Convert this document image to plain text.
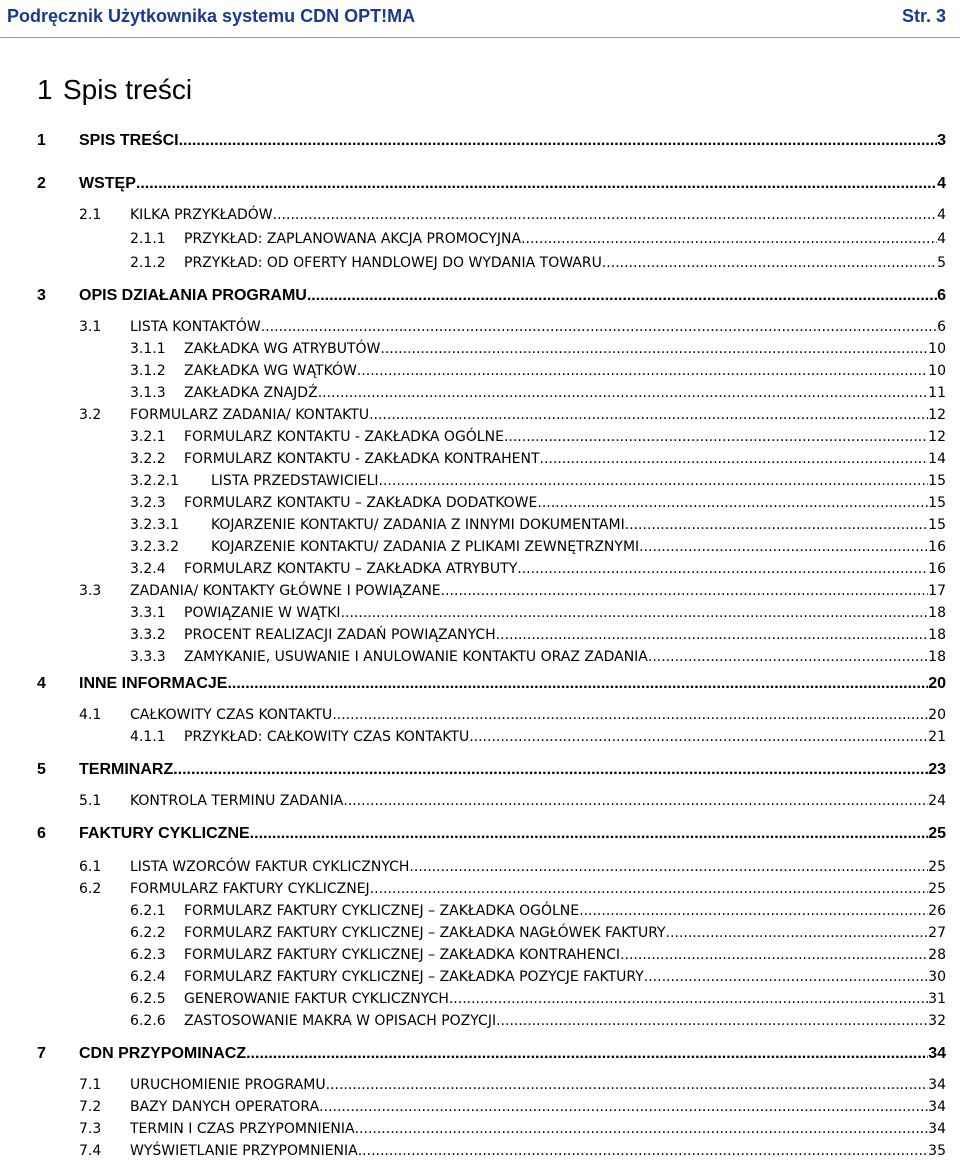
Podręcznik Użytkownika systemu CDN OPT!MA	Str. 3
1 Spis treści
1 SPIS TREŚCI .....	3
2 WSTĘP .....	4
2.1 KILKA PRZYKŁADÓW .....	4
2.1.1 PRZYKŁAD: ZAPLANOWANA AKCJA PROMOCYJNA .....	4
2.1.2 PRZYKŁAD: OD OFERTY HANDLOWEJ DO WYDANIA TOWARU. .....	5
3 OPIS DZIAŁANIA PROGRAMU .....	6
3.1 LISTA KONTAKTÓW .....	6
3.1.1 ZAKŁADKA WG ATRYBUTÓW .....	10
3.1.2 ZAKŁADKA WG WĄTKÓW .....	10
3.1.3 ZAKŁADKA ZNAJDŹ .....	11
3.2 FORMULARZ ZADANIA/ KONTAKTU .....	12
3.2.1 FORMULARZ KONTAKTU - ZAKŁADKA OGÓLNE .....	12
3.2.2 FORMULARZ KONTAKTU - ZAKŁADKA KONTRAHENT .....	14
3.2.2.1 LISTA PRZEDSTAWICIELI .....	15
3.2.3 FORMULARZ KONTAKTU – ZAKŁADKA DODATKOWE .....	15
3.2.3.1 KOJARZENIE KONTAKTU/ ZADANIA Z INNYMI DOKUMENTAMI .....	15
3.2.3.2 KOJARZENIE KONTAKTU/ ZADANIA Z PLIKAMI ZEWNĘTRZNYMI .....	16
3.2.4 FORMULARZ KONTAKTU – ZAKŁADKA ATRYBUTY .....	16
3.3 ZADANIA/ KONTAKTY GŁÓWNE I POWIĄZANE .....	17
3.3.1 POWIĄZANIE W WĄTKI .....	18
3.3.2 PROCENT REALIZACJI ZADAŃ POWIĄZANYCH .....	18
3.3.3 ZAMYKANIE, USUWANIE I ANULOWANIE KONTAKTU ORAZ ZADANIA .....	18
4 INNE INFORMACJE .....	20
4.1 CAŁKOWITY CZAS KONTAKTU .....	20
4.1.1 PRZYKŁAD: CAŁKOWITY CZAS KONTAKTU .....	21
5 TERMINARZ .....	23
5.1 KONTROLA TERMINU ZADANIA .....	24
6 FAKTURY CYKLICZNE .....	25
6.1 LISTA WZORCÓW FAKTUR CYKLICZNYCH .....	25
6.2 FORMULARZ FAKTURY CYKLICZNEJ .....	25
6.2.1 FORMULARZ FAKTURY CYKLICZNEJ – ZAKŁADKA OGÓLNE .....	26
6.2.2 FORMULARZ FAKTURY CYKLICZNEJ – ZAKŁADKA NAGŁÓWEK FAKTURY .....	27
6.2.3 FORMULARZ FAKTURY CYKLICZNEJ – ZAKŁADKA KONTRAHENCI .....	28
6.2.4 FORMULARZ FAKTURY CYKLICZNEJ – ZAKŁADKA POZYCJE FAKTURY .....	30
6.2.5 GENEROWANIE FAKTUR CYKLICZNYCH .....	31
6.2.6 ZASTOSOWANIE MAKRA W OPISACH POZYCJI .....	32
7 CDN PRZYPOMINACZ .....	34
7.1 URUCHOMIENIE PROGRAMU .....	34
7.2 BAZY DANYCH OPERATORA .....	34
7.3 TERMIN I CZAS PRZYPOMNIENIA .....	34
7.4 WYŚWIETLANIE PRZYPOMNIENIA .....	35
